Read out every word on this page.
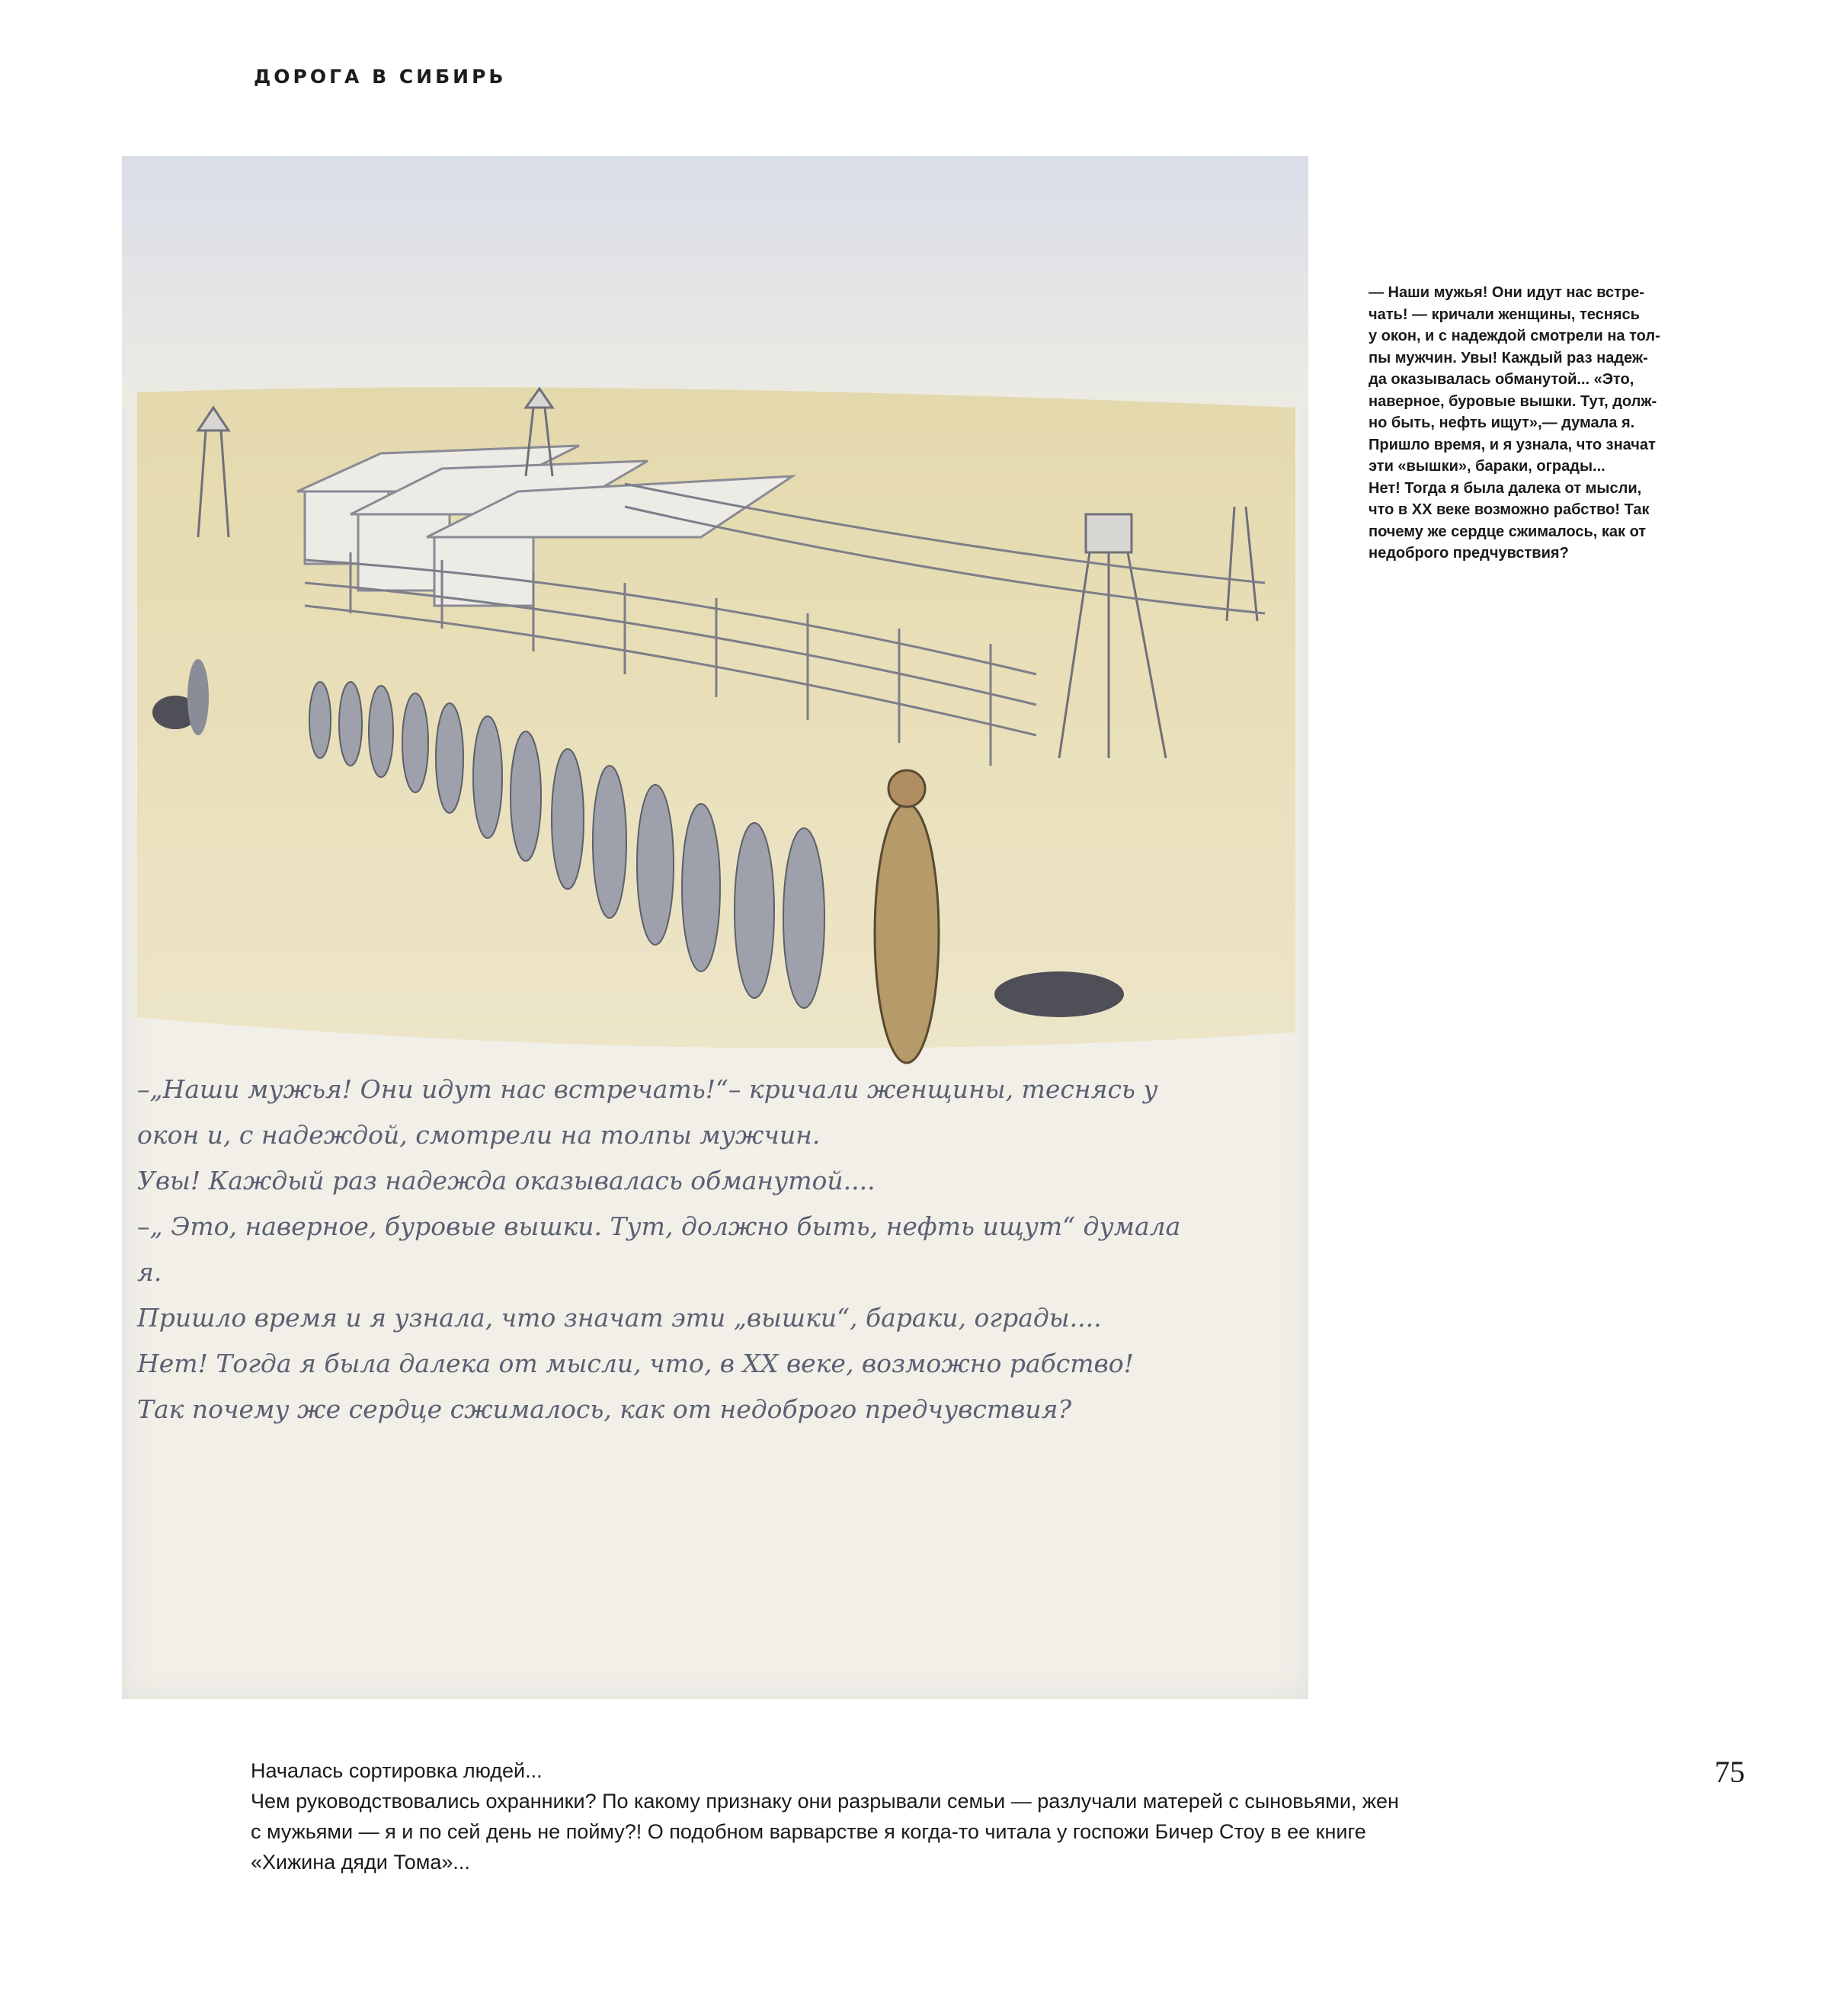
ДОРОГА В СИБИРЬ

–„Наши мужья! Они идут нас встречать!“– кричали женщины, теснясь у

окон и, с надеждой, смотрели на толпы мужчин.

Увы! Каждый раз надежда оказывалась обманутой....

–„ Это, наверное, буровые вышки. Тут, должно быть, нефть ищут“ думала

я.

Пришло время и я узнала, что значат эти „вышки“, бараки, ограды....

Нет! Тогда я была далека от мысли, что, в XX веке, возможно рабство!

Так почему же сердце сжималось, как от недоброго предчувствия?

— Наши мужья! Они идут нас встре-

чать! — кричали женщины, теснясь

у окон, и с надеждой смотрели на тол-

пы мужчин. Увы! Каждый раз надеж-

да оказывалась обманутой... «Это,

наверное, буровые вышки. Тут, долж-

но быть, нефть ищут»,— думала я.

Пришло время, и я узнала, что значат

эти «вышки», бараки, ограды...

Нет! Тогда я была далека от мысли,

что в XX веке возможно рабство! Так

почему же сердце сжималось, как от

недоброго предчувствия?

Началась сортировка людей...

Чем руководствовались охранники? По какому признаку они разрывали семьи — разлучали матерей с сыновьями, жен

с мужьями — я и по сей день не пойму?! О подобном варварстве я когда-то читала у госпожи Бичер Стоу в ее книге

«Хижина дяди Тома»...

75
